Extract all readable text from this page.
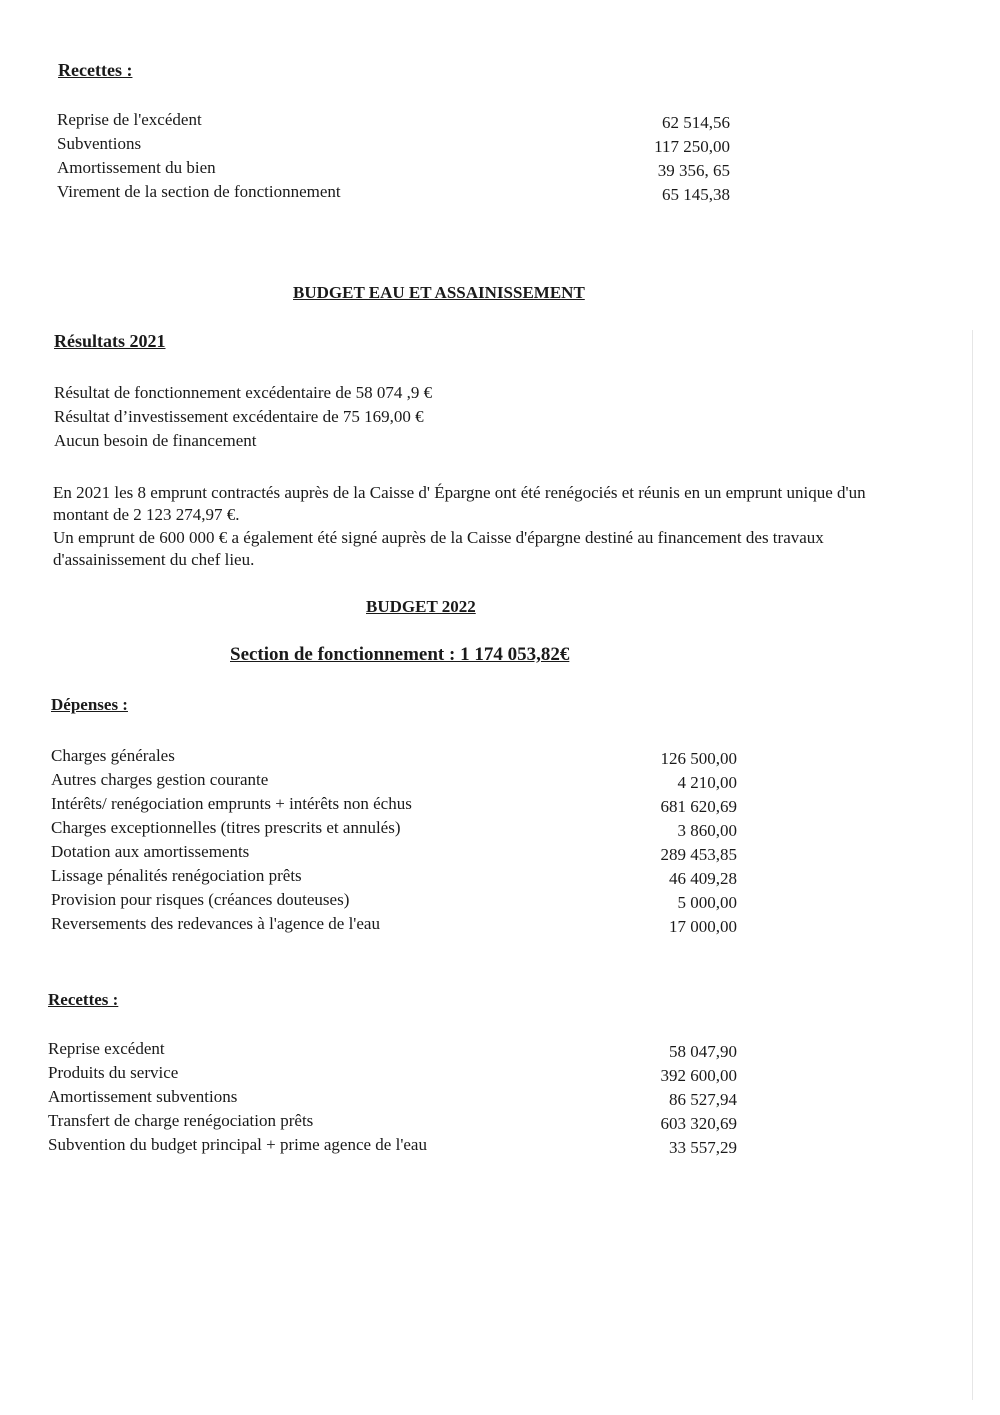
Recettes :
Reprise de l'excédent	62 514,56
Subventions	117 250,00
Amortissement du bien	39 356, 65
Virement de la section de fonctionnement	65 145,38
BUDGET EAU ET ASSAINISSEMENT
Résultats 2021
Résultat de fonctionnement excédentaire de 58 074 ,9 €
Résultat d’investissement excédentaire de 75 169,00 €
Aucun besoin de financement
En 2021 les 8 emprunt contractés auprès de la Caisse d' Épargne ont été renégociés et réunis en un emprunt unique d'un montant de 2 123 274,97 €.
Un emprunt de 600 000 € a également été signé auprès de la Caisse d'épargne destiné au financement des travaux d'assainissement du chef lieu.
BUDGET 2022
Section de fonctionnement : 1 174 053,82€
Dépenses :
Charges générales	126 500,00
Autres charges gestion courante	4 210,00
Intérêts/ renégociation emprunts + intérêts non échus	681 620,69
Charges exceptionnelles (titres prescrits et annulés)	3 860,00
Dotation aux amortissements	289 453,85
Lissage pénalités renégociation prêts	46 409,28
Provision pour risques (créances douteuses)	5 000,00
Reversements des redevances à l'agence de l'eau	17 000,00
Recettes :
Reprise excédent	58 047,90
Produits du service	392 600,00
Amortissement subventions	86 527,94
Transfert de charge renégociation prêts	603 320,69
Subvention du budget principal + prime agence de l'eau	33 557,29
